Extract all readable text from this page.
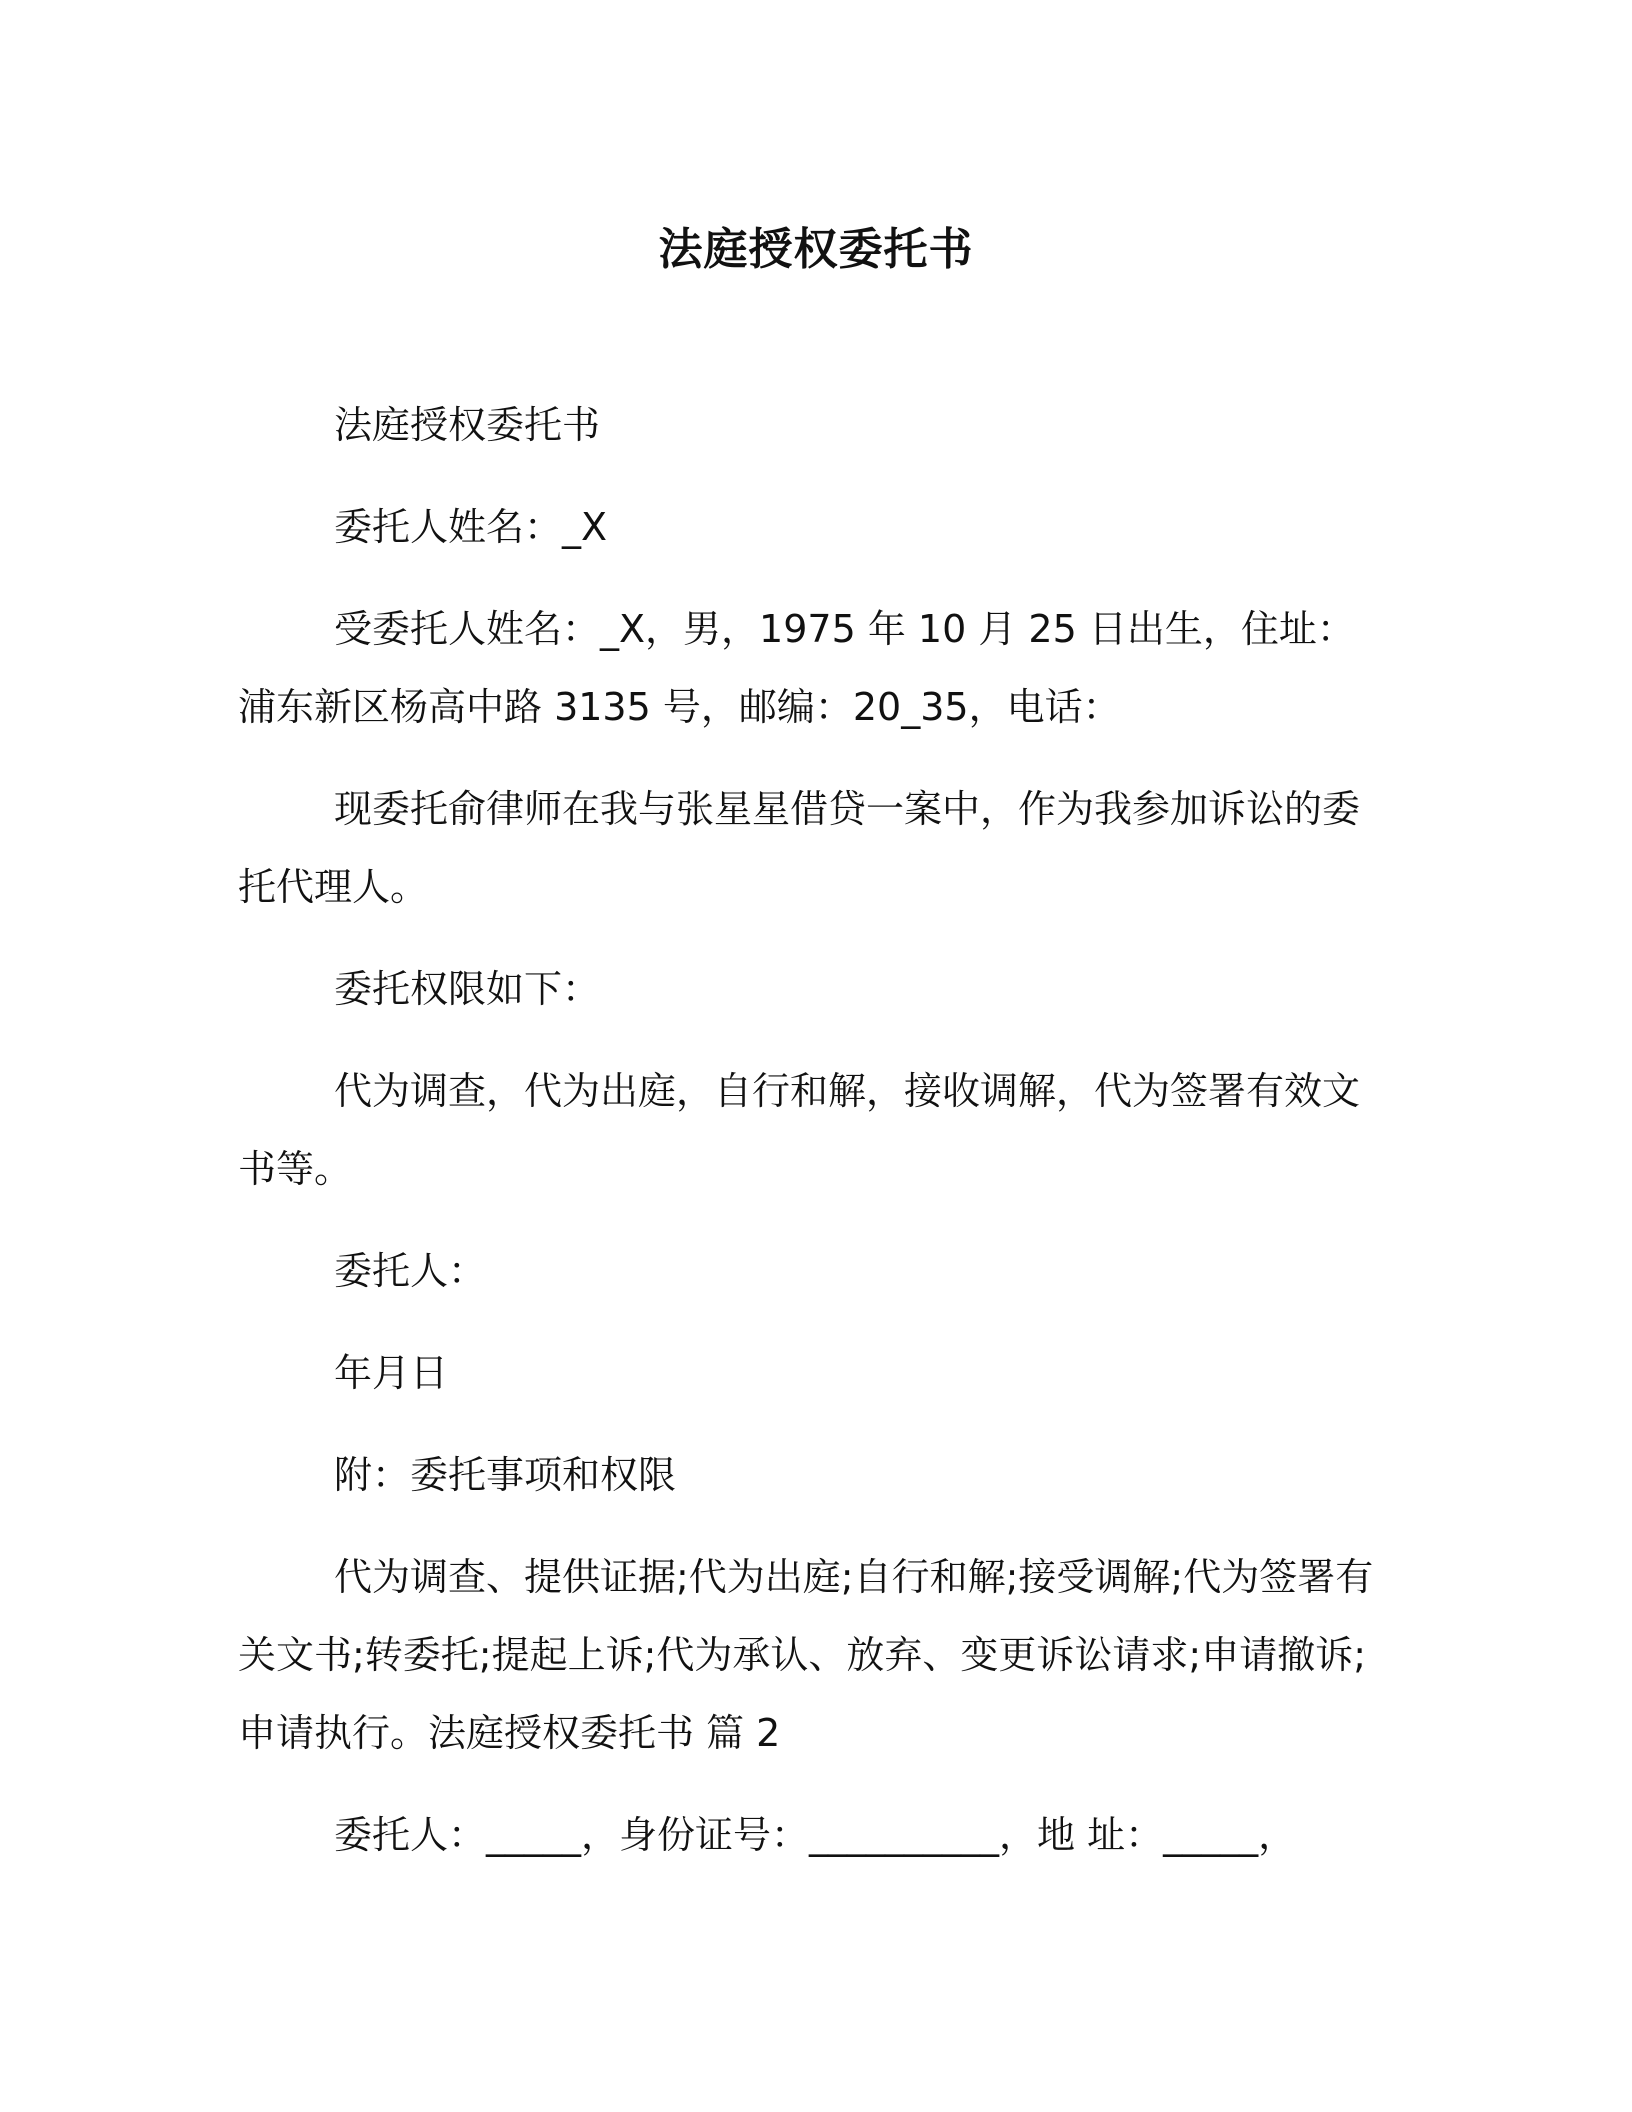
法庭授权委托书

法庭授权委托书

委托人姓名：_X

受委托人姓名：_X，男，1975 年 10 月 25 日出生，住址：浦东新区杨高中路 3135 号，邮编：20_35，电话：

现委托俞律师在我与张星星借贷一案中，作为我参加诉讼的委托代理人。

委托权限如下：

代为调查，代为出庭，自行和解，接收调解，代为签署有效文书等。

委托人：

年月日

附：委托事项和权限

代为调查、提供证据;代为出庭;自行和解;接受调解;代为签署有关文书;转委托;提起上诉;代为承认、放弃、变更诉讼请求;申请撤诉;申请执行。法庭授权委托书 篇 2

委托人：_____，身份证号：__________，地 址：_____，
